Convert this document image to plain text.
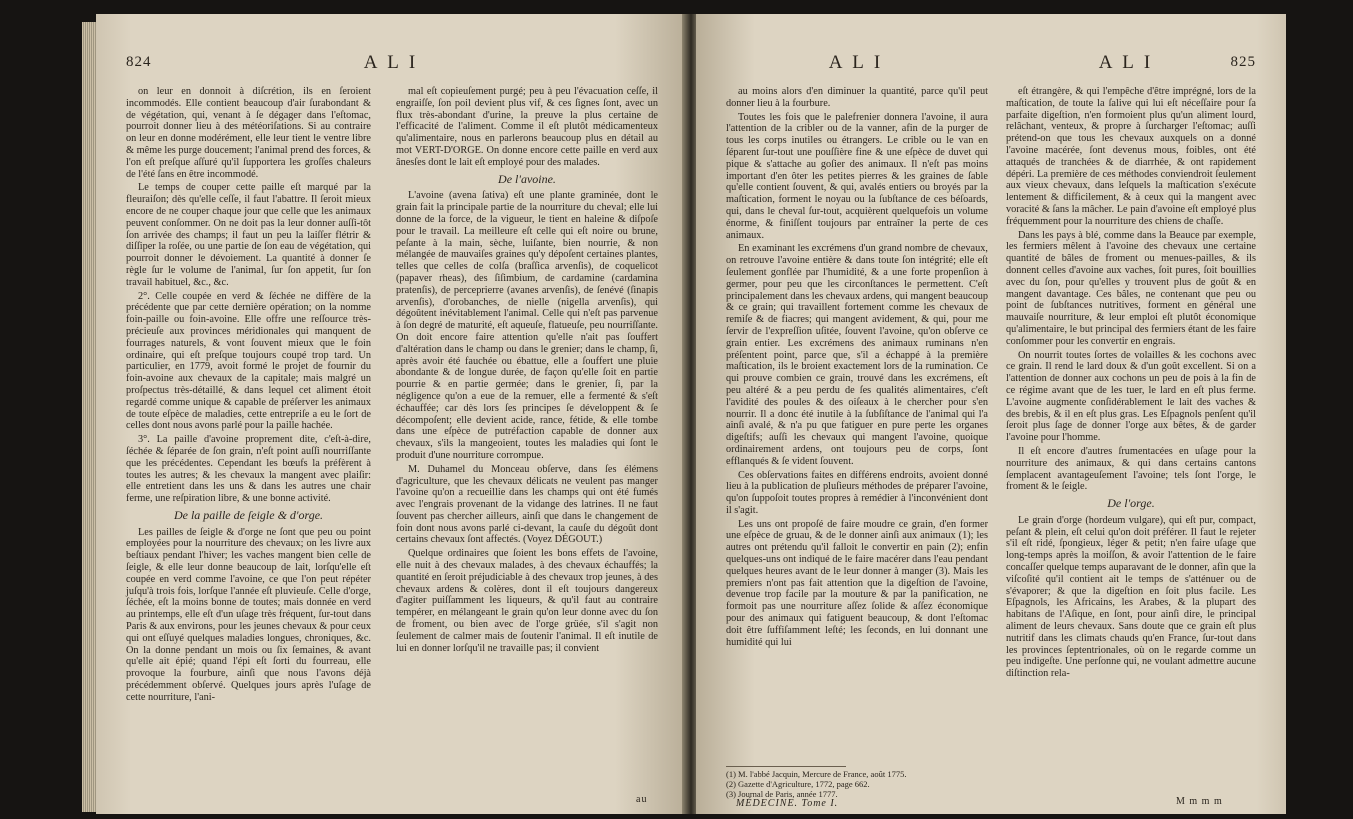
824	A L I

on leur en donnoit à diſcrétion, ils en ſeroient incommodés. Elle contient beaucoup d'air ſurabondant & de végétation, qui, venant à ſe dégager dans l'eſtomac, pourroit donner lieu à des météoriſations. Si au contraire on leur en donne modérément, elle leur tient le ventre libre & même les purge doucement; l'animal prend des forces, & l'on eſt preſque aſſuré qu'il ſupportera les groſſes chaleurs de l'été ſans en être incommodé.

Le temps de couper cette paille eſt marqué par la fleuraiſon; dès qu'elle ceſſe, il faut l'abattre. Il ſeroit mieux encore de ne couper chaque jour que celle que les animaux peuvent conſommer. On ne doit pas la leur donner auſſi-tôt ſon arrivée des champs; il faut un peu la laiſſer flétrir & diſſiper la roſée, ou une partie de ſon eau de végétation, qui pourroit donner le dévoiement. La quantité à donner ſe règle ſur le volume de l'animal, ſur ſon appetit, ſur ſon travail habituel, &c., &c.

2°. Celle coupée en verd & ſéchée ne diffère de la précédente que par cette dernière opération; on la nomme foin-paille ou foin-avoine. Elle offre une reſſource très-précieuſe aux provinces méridionales qui manquent de fourrages naturels, & vont ſouvent mieux que le foin ordinaire, qui eſt preſque toujours coupé trop tard. Un particulier, en 1779, avoit formé le projet de fournir du foin-avoine aux chevaux de la capitale; mais malgré un proſpectus très-détaillé, & dans lequel cet aliment étoit regardé comme unique & capable de préſerver les animaux de toute eſpèce de maladies, cette entrepriſe a eu le ſort de celles dont nous avons parlé pour la paille hachée.

3°. La paille d'avoine proprement dite, c'eſt-à-dire, ſéchée & ſéparée de ſon grain, n'eſt point auſſi nourriſſante que les précédentes. Cependant les bœufs la préfèrent à toutes les autres; & les chevaux la mangent avec plaiſir: elle entretient dans les uns & dans les autres une chair ferme, une reſpiration libre, & une bonne activité.

De la paille de ſeigle & d'orge.

Les pailles de ſeigle & d'orge ne ſont que peu ou point employées pour la nourriture des chevaux; on les livre aux beſtiaux pendant l'hiver; les vaches mangent bien celle de ſeigle, & elle leur donne beaucoup de lait, lorſqu'elle eſt coupée en verd comme l'avoine, ce que l'on peut répéter juſqu'à trois fois, lorſque l'année eſt pluvieuſe. Celle d'orge, ſéchée, eſt la moins bonne de toutes; mais donnée en verd au printemps, elle eſt d'un uſage très fréquent, ſur-tout dans Paris & aux environs, pour les jeunes chevaux & pour ceux qui ont eſſuyé quelques maladies longues, chroniques, &c. On la donne pendant un mois ou ſix ſemaines, & avant qu'elle ait épié; quand l'épi eſt ſorti du fourreau, elle provoque la fourbure, ainſi que nous l'avons déjà précédemment obſervé. Quelques jours après l'uſage de cette nourriture, l'ani-

mal eſt copieuſement purgé; peu à peu l'évacuation ceſſe, il engraiſſe, ſon poil devient plus vif, & ces ſignes ſont, avec un flux très-abondant d'urine, la preuve la plus certaine de l'efficacité de l'aliment. Comme il eſt plutôt médicamenteux qu'alimentaire, nous en parlerons beaucoup plus en détail au mot VERT-D'ORGE. On donne encore cette paille en verd aux ânesſes dont le lait eſt employé pour des malades.

De l'avoine.

L'avoine (avena ſativa) eſt une plante graminée, dont le grain fait la principale partie de la nourriture du cheval; elle lui donne de la force, de la vigueur, le tient en haleine & diſpoſe pour le travail. La meilleure eſt celle qui eſt noire ou brune, peſante à la main, sèche, luiſante, bien nourrie, & non mélangée de mauvaiſes graines qu'y dépoſent certaines plantes, telles que celles de colſa (braſſica arvenſis), de coquelicot (papaver rheas), des ſiſimbium, de cardamine (cardamina pratenſis), de perceprierre (avanes arvenſis), de ſenévé (ſinapis arvenſis), d'orobanches, de nielle (nigella arvenſis), qui dégoûtent inévitablement l'animal. Celle qui n'eſt pas parvenue à ſon degré de maturité, eſt aqueuſe, flatueuſe, peu nourriſſante. On doit encore faire attention qu'elle n'ait pas ſouffert d'altération dans le champ ou dans le grenier; dans le champ, ſi, après avoir été fauchée ou ébattue, elle a ſouffert une pluie abondante & de longue durée, de façon qu'elle ſoit en partie pourrie & en partie germée; dans le grenier, ſi, par la négligence qu'on a eue de la remuer, elle a fermenté & s'eſt échauffée; car dès lors ſes principes ſe développent & ſe décompoſent; elle devient acide, rance, fétide, & elle tombe dans une eſpèce de putréfaction capable de donner aux chevaux, s'ils la mangeoient, toutes les maladies qui ſont le produit d'une nourriture corrompue.

M. Duhamel du Monceau obſerve, dans ſes élémens d'agriculture, que les chevaux délicats ne veulent pas manger l'avoine qu'on a recueillie dans les champs qui ont été fumés avec l'engrais provenant de la vidange des latrines. Il ne faut ſouvent pas chercher ailleurs, ainſi que dans le changement de foin dont nous avons parlé ci-devant, la cauſe du dégoût dont certains chevaux ſont affectés. (Voyez DÉGOUT.)

Quelque ordinaires que ſoient les bons effets de l'avoine, elle nuit à des chevaux malades, à des chevaux échauffés; la quantité en ſeroit préjudiciable à des chevaux trop jeunes, à des chevaux ardens & colères, dont il eſt toujours dangereux d'agiter puiſſamment les liqueurs, & qu'il faut au contraire tempérer, en mélangeant le grain qu'on leur donne avec du ſon de froment, ou bien avec de l'orge grüée, s'il s'agit non ſeulement de calmer mais de ſoutenir l'animal. Il eſt inutile de lui en donner lorſqu'il ne travaille pas; il convient

au
A L I	A L I	825

au moins alors d'en diminuer la quantité, parce qu'il peut donner lieu à la fourbure.

Toutes les fois que le palefrenier donnera l'avoine, il aura l'attention de la cribler ou de la vanner, afin de la purger de tous les corps inutiles ou étrangers. Le crible ou le van en ſéparent ſur-tout une pouſſière fine & une eſpèce de duvet qui pique & s'attache au goſier des animaux. Il n'eſt pas moins important d'en ôter les petites pierres & les graines de ſable qu'elle contient ſouvent, & qui, avalés entiers ou broyés par la maſtication, forment le noyau ou la ſubſtance de ces béſoards, qui, dans le cheval ſur-tout, acquièrent quelquefois un volume énorme, & finiſſent toujours par entraîner la perte de ces animaux.

En examinant les excrémens d'un grand nombre de chevaux, on retrouve l'avoine entière & dans toute ſon intégrité; elle eſt ſeulement gonflée par l'humidité, & a une forte propenſion à germer, pour peu que les circonſtances le permettent. C'eſt principalement dans les chevaux ardens, qui mangent beaucoup & ce grain; qui travaillent fortement comme les chevaux de remiſe & de fiacres; qui mangent avidement, & qui, pour me ſervir de l'expreſſion uſitée, ſouvent l'avoine, qu'on obſerve ce grain entier. Les excrémens des animaux ruminans n'en préſentent point, parce que, s'il a échappé à la première maſtication, ils le broient exactement lors de la rumination. Ce qui prouve combien ce grain, trouvé dans les excrémens, eſt peu altéré & a peu perdu de ſes qualités alimentaires, c'eſt l'avidité des poules & des oiſeaux à le chercher pour s'en nourrir. Il a donc été inutile à la ſubſiſtance de l'animal qui l'a ainſi avalé, & n'a pu que fatiguer en pure perte les organes digeſtifs; auſſi les chevaux qui mangent l'avoine, quoique ordinairement ardens, ont toujours peu de corps, ſont efflanqués & ſe vident ſouvent.

Ces obſervations faites en différens endroits, avoient donné lieu à la publication de pluſieurs méthodes de préparer l'avoine, qu'on ſuppoſoit toutes propres à remédier à l'inconvénient dont il s'agit.

Les uns ont propoſé de faire moudre ce grain, d'en former une eſpèce de gruau, & de le donner ainſi aux animaux (1); les autres ont prétendu qu'il falloit le convertir en pain (2); enfin quelques-uns ont indiqué de le faire macérer dans l'eau pendant quelques heures avant de le leur donner à manger (3). Mais les premiers n'ont pas fait attention que la digeſtion de l'avoine, devenue trop facile par la mouture & par la panification, ne formoit pas une nourriture aſſez ſolide & aſſez économique pour des animaux qui fatiguent beaucoup, & dont l'eſtomac doit être ſuffiſamment leſté; les ſeconds, en lui donnant une humidité qui lui

(1) M. l'abbé Jacquin, Mercure de France, août 1775.
(2) Gazette d'Agriculture, 1772, page 662.
(3) Journal de Paris, année 1777.
MÉDECINE. Tome I.

eſt étrangère, & qui l'empêche d'être imprégné, lors de la maſtication, de toute la ſalive qui lui eſt néceſſaire pour ſa parfaite digeſtion, n'en formoient plus qu'un aliment lourd, relâchant, venteux, & propre à ſurcharger l'eſtomac; auſſi prétend-on que tous les chevaux auxquels on a donné l'avoine macérée, ſont devenus mous, foibles, ont été attaqués de tranchées & de diarrhée, & ont rapidement dépéri. La première de ces méthodes conviendroit ſeulement aux vieux chevaux, dans leſquels la maſtication s'exécute lentement & difficilement, & à ceux qui la mangent avec voracité & ſans la mâcher. Le pain d'avoine eſt employé plus fréquemment pour la nourriture des chiens de chaſſe.

Dans les pays à blé, comme dans la Beauce par exemple, les fermiers mêlent à l'avoine des chevaux une certaine quantité de bâles de froment ou menues-pailles, & ils donnent celles d'avoine aux vaches, ſoit pures, ſoit bouillies avec du ſon, pour qu'elles y trouvent plus de goût & en mangent davantage. Ces bâles, ne contenant que peu ou point de ſubſtances nutritives, forment en général une mauvaiſe nourriture, & leur emploi eſt plutôt économique qu'alimentaire, le but principal des fermiers étant de les faire conſommer pour les convertir en engrais.

On nourrit toutes ſortes de volailles & les cochons avec ce grain. Il rend le lard doux & d'un goût excellent. Si on a l'attention de donner aux cochons un peu de pois à la fin de ce régime avant que de les tuer, le lard en eſt plus ferme. L'avoine augmente conſidérablement le lait des vaches & des brebis, & il en eſt plus gras. Les Eſpagnols penſent qu'il ſeroit plus ſage de donner l'orge aux bêtes, & de garder l'avoine pour l'homme.

Il eſt encore d'autres ſrumentacées en uſage pour la nourriture des animaux, & qui dans certains cantons ſemplacent avantageuſement l'avoine; tels ſont l'orge, le froment & le ſeigle.

De l'orge.

Le grain d'orge (hordeum vulgare), qui eſt pur, compact, peſant & plein, eſt celui qu'on doit préférer. Il faut le rejeter s'il eſt ridé, ſpongieux, léger & petit; n'en faire uſage que long-temps après la moiſſon, & avoir l'attention de le faire concaſſer quelque temps auparavant de le donner, afin que la viſcoſité qu'il contient ait le temps de s'atténuer ou de s'évaporer; & que la digeſtion en ſoit plus facile. Les Eſpagnols, les Africains, les Arabes, & la plupart des habitans de l'Aſique, en ſont, pour ainſi dire, le principal aliment de leurs chevaux. Sans doute que ce grain eſt plus nutritif dans les climats chauds qu'en France, ſur-tout dans les provinces ſeptentrionales, où on le regarde comme un peu indigeſte. Une perſonne qui, ne voulant admettre aucune diſtinction rela-

M m m m
